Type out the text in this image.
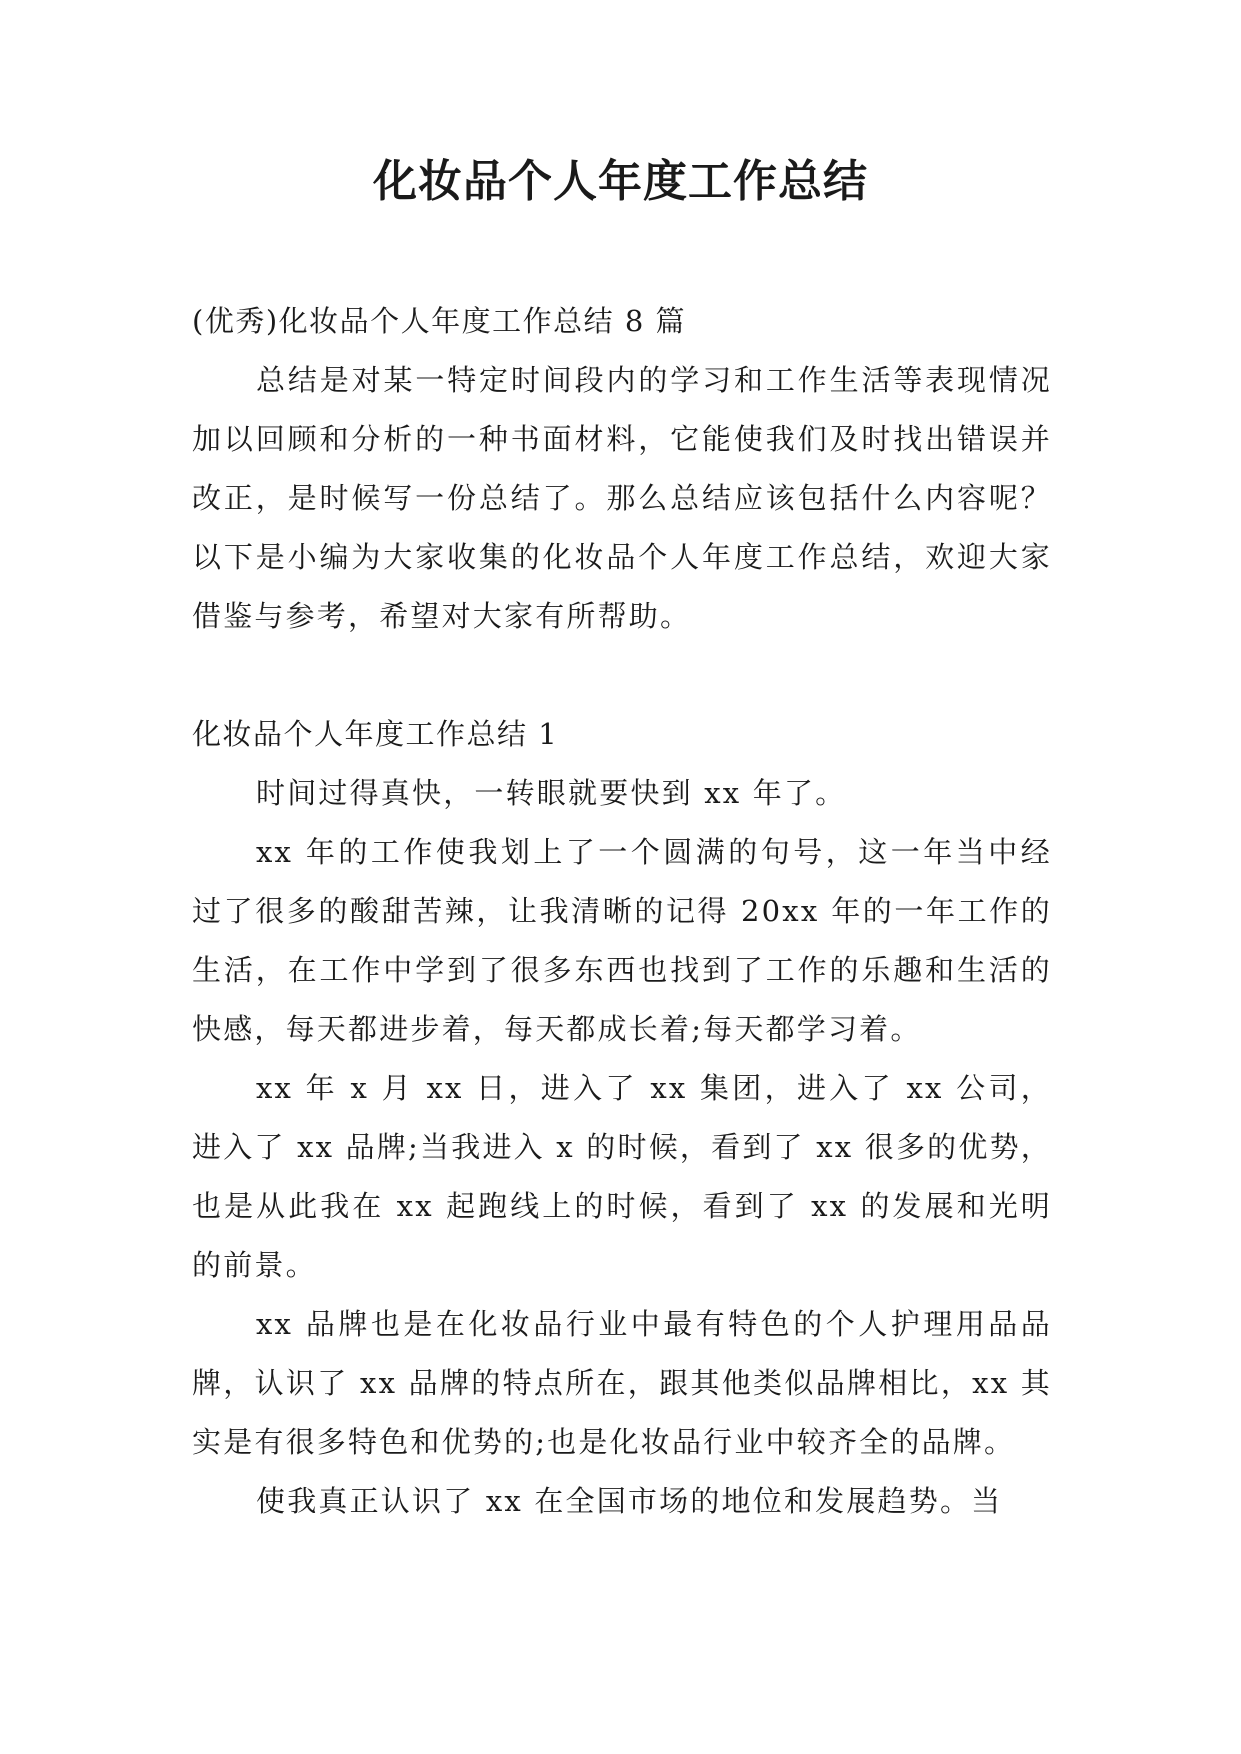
化妆品个人年度工作总结

(优秀)化妆品个人年度工作总结 8 篇

总结是对某一特定时间段内的学习和工作生活等表现情况加以回顾和分析的一种书面材料，它能使我们及时找出错误并改正，是时候写一份总结了。那么总结应该包括什么内容呢？以下是小编为大家收集的化妆品个人年度工作总结，欢迎大家借鉴与参考，希望对大家有所帮助。

化妆品个人年度工作总结 1

时间过得真快，一转眼就要快到 xx 年了。

xx 年的工作使我划上了一个圆满的句号，这一年当中经过了很多的酸甜苦辣，让我清晰的记得 20xx 年的一年工作的生活，在工作中学到了很多东西也找到了工作的乐趣和生活的快感，每天都进步着，每天都成长着;每天都学习着。

xx 年 x 月 xx 日，进入了 xx 集团，进入了 xx 公司，进入了 xx 品牌;当我进入 x 的时候，看到了 xx 很多的优势，也是从此我在 xx 起跑线上的时候，看到了 xx 的发展和光明的前景。

xx 品牌也是在化妆品行业中最有特色的个人护理用品品牌，认识了 xx 品牌的特点所在，跟其他类似品牌相比，xx 其实是有很多特色和优势的;也是化妆品行业中较齐全的品牌。

使我真正认识了 xx 在全国市场的地位和发展趋势。当
